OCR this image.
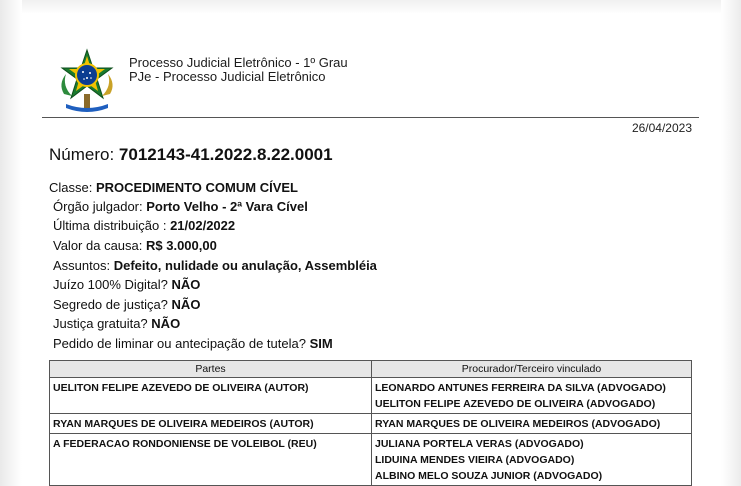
Processo Judicial Eletrônico - 1º Grau
PJe - Processo Judicial Eletrônico
26/04/2023
Número: 7012143-41.2022.8.22.0001
Classe: PROCEDIMENTO COMUM CÍVEL
Órgão julgador: Porto Velho - 2ª Vara Cível
Última distribuição : 21/02/2022
Valor da causa: R$ 3.000,00
Assuntos: Defeito, nulidade ou anulação, Assembléia
Juízo 100% Digital? NÃO
Segredo de justiça? NÃO
Justiça gratuita? NÃO
Pedido de liminar ou antecipação de tutela? SIM
Partes	Procurador/Terceiro vinculado
UELITON FELIPE AZEVEDO DE OLIVEIRA (AUTOR)	LEONARDO ANTUNES FERREIRA DA SILVA (ADVOGADO)
UELITON FELIPE AZEVEDO DE OLIVEIRA (ADVOGADO)

RYAN MARQUES DE OLIVEIRA MEDEIROS (AUTOR)	RYAN MARQUES DE OLIVEIRA MEDEIROS (ADVOGADO)

A FEDERACAO RONDONIENSE DE VOLEIBOL (REU)	JULIANA PORTELA VERAS (ADVOGADO)
LIDUINA MENDES VIEIRA (ADVOGADO)
ALBINO MELO SOUZA JUNIOR (ADVOGADO)
